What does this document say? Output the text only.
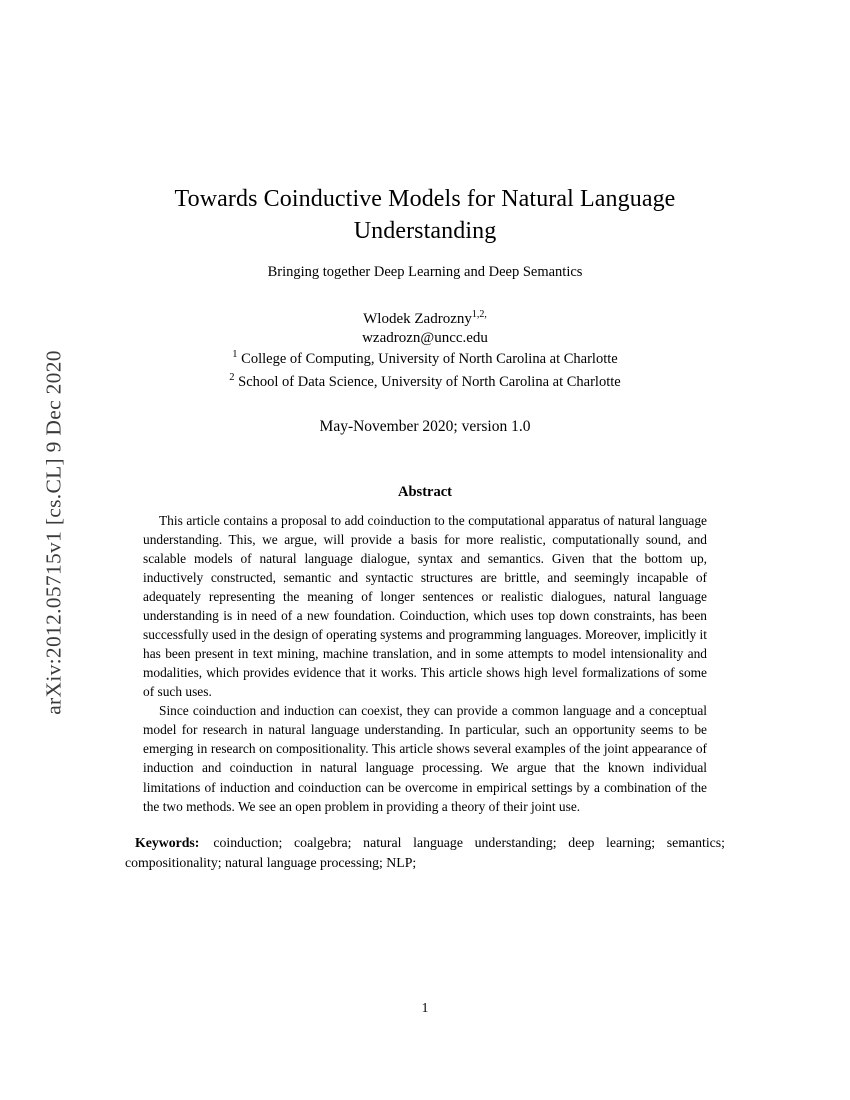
arXiv:2012.05715v1 [cs.CL] 9 Dec 2020
Towards Coinductive Models for Natural Language Understanding
Bringing together Deep Learning and Deep Semantics
Wlodek Zadrozny$^{1,2,}$
wzadrozn@uncc.edu
$^1$ College of Computing, University of North Carolina at Charlotte
$^2$ School of Data Science, University of North Carolina at Charlotte
May-November 2020; version 1.0
Abstract

This article contains a proposal to add coinduction to the computational apparatus of natural language understanding. This, we argue, will provide a basis for more realistic, computationally sound, and scalable models of natural language dialogue, syntax and semantics. Given that the bottom up, inductively constructed, semantic and syntactic structures are brittle, and seemingly incapable of adequately representing the meaning of longer sentences or realistic dialogues, natural language understanding is in need of a new foundation. Coinduction, which uses top down constraints, has been successfully used in the design of operating systems and programming languages. Moreover, implicitly it has been present in text mining, machine translation, and in some attempts to model intensionality and modalities, which provides evidence that it works. This article shows high level formalizations of some of such uses.

Since coinduction and induction can coexist, they can provide a common language and a conceptual model for research in natural language understanding. In particular, such an opportunity seems to be emerging in research on compositionality. This article shows several examples of the joint appearance of induction and coinduction in natural language processing. We argue that the known individual limitations of induction and coinduction can be overcome in empirical settings by a combination of the the two methods. We see an open problem in providing a theory of their joint use.

Keywords: coinduction; coalgebra; natural language understanding; deep learning; semantics; compositionality; natural language processing; NLP;
1
